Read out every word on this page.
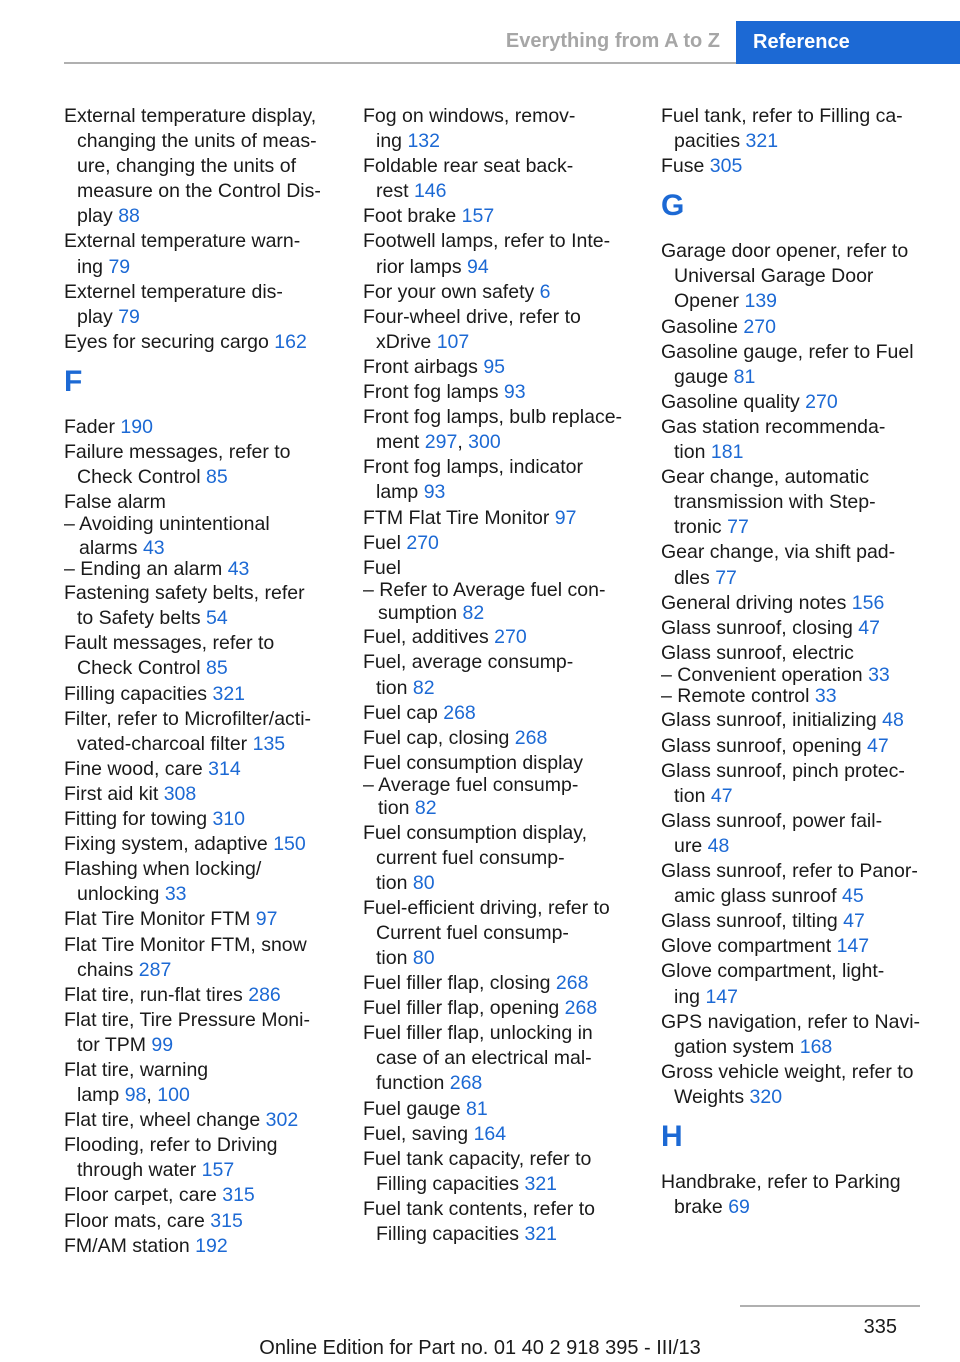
Everything from A to Z	Reference
External temperature display,
changing the units of meas-
ure, changing the units of
measure on the Control Dis-
play 88
External temperature warn-
ing 79
Externel temperature dis-
play 79
Eyes for securing cargo 162
F
Fader 190
Failure messages, refer to
Check Control 85
False alarm
– Avoiding unintentional
alarms 43
– Ending an alarm 43
Fastening safety belts, refer
to Safety belts 54
Fault messages, refer to
Check Control 85
Filling capacities 321
Filter, refer to Microfilter/acti-
vated-charcoal filter 135
Fine wood, care 314
First aid kit 308
Fitting for towing 310
Fixing system, adaptive 150
Flashing when locking/
unlocking 33
Flat Tire Monitor FTM 97
Flat Tire Monitor FTM, snow
chains 287
Flat tire, run-flat tires 286
Flat tire, Tire Pressure Moni-
tor TPM 99
Flat tire, warning
lamp 98, 100
Flat tire, wheel change 302
Flooding, refer to Driving
through water 157
Floor carpet, care 315
Floor mats, care 315
FM/AM station 192
Fog on windows, remov-
ing 132
Foldable rear seat back-
rest 146
Foot brake 157
Footwell lamps, refer to Inte-
rior lamps 94
For your own safety 6
Four-wheel drive, refer to
xDrive 107
Front airbags 95
Front fog lamps 93
Front fog lamps, bulb replace-
ment 297, 300
Front fog lamps, indicator
lamp 93
FTM Flat Tire Monitor 97
Fuel 270
Fuel
– Refer to Average fuel con-
sumption 82
Fuel, additives 270
Fuel, average consump-
tion 82
Fuel cap 268
Fuel cap, closing 268
Fuel consumption display
– Average fuel consump-
tion 82
Fuel consumption display,
current fuel consump-
tion 80
Fuel-efficient driving, refer to
Current fuel consump-
tion 80
Fuel filler flap, closing 268
Fuel filler flap, opening 268
Fuel filler flap, unlocking in
case of an electrical mal-
function 268
Fuel gauge 81
Fuel, saving 164
Fuel tank capacity, refer to
Filling capacities 321
Fuel tank contents, refer to
Filling capacities 321
Fuel tank, refer to Filling ca-
pacities 321
Fuse 305
G
Garage door opener, refer to
Universal Garage Door
Opener 139
Gasoline 270
Gasoline gauge, refer to Fuel
gauge 81
Gasoline quality 270
Gas station recommenda-
tion 181
Gear change, automatic
transmission with Step-
tronic 77
Gear change, via shift pad-
dles 77
General driving notes 156
Glass sunroof, closing 47
Glass sunroof, electric
– Convenient operation 33
– Remote control 33
Glass sunroof, initializing 48
Glass sunroof, opening 47
Glass sunroof, pinch protec-
tion 47
Glass sunroof, power fail-
ure 48
Glass sunroof, refer to Panor-
amic glass sunroof 45
Glass sunroof, tilting 47
Glove compartment 147
Glove compartment, light-
ing 147
GPS navigation, refer to Navi-
gation system 168
Gross vehicle weight, refer to
Weights 320
H
Handbrake, refer to Parking
brake 69
335
Online Edition for Part no. 01 40 2 918 395 - III/13
